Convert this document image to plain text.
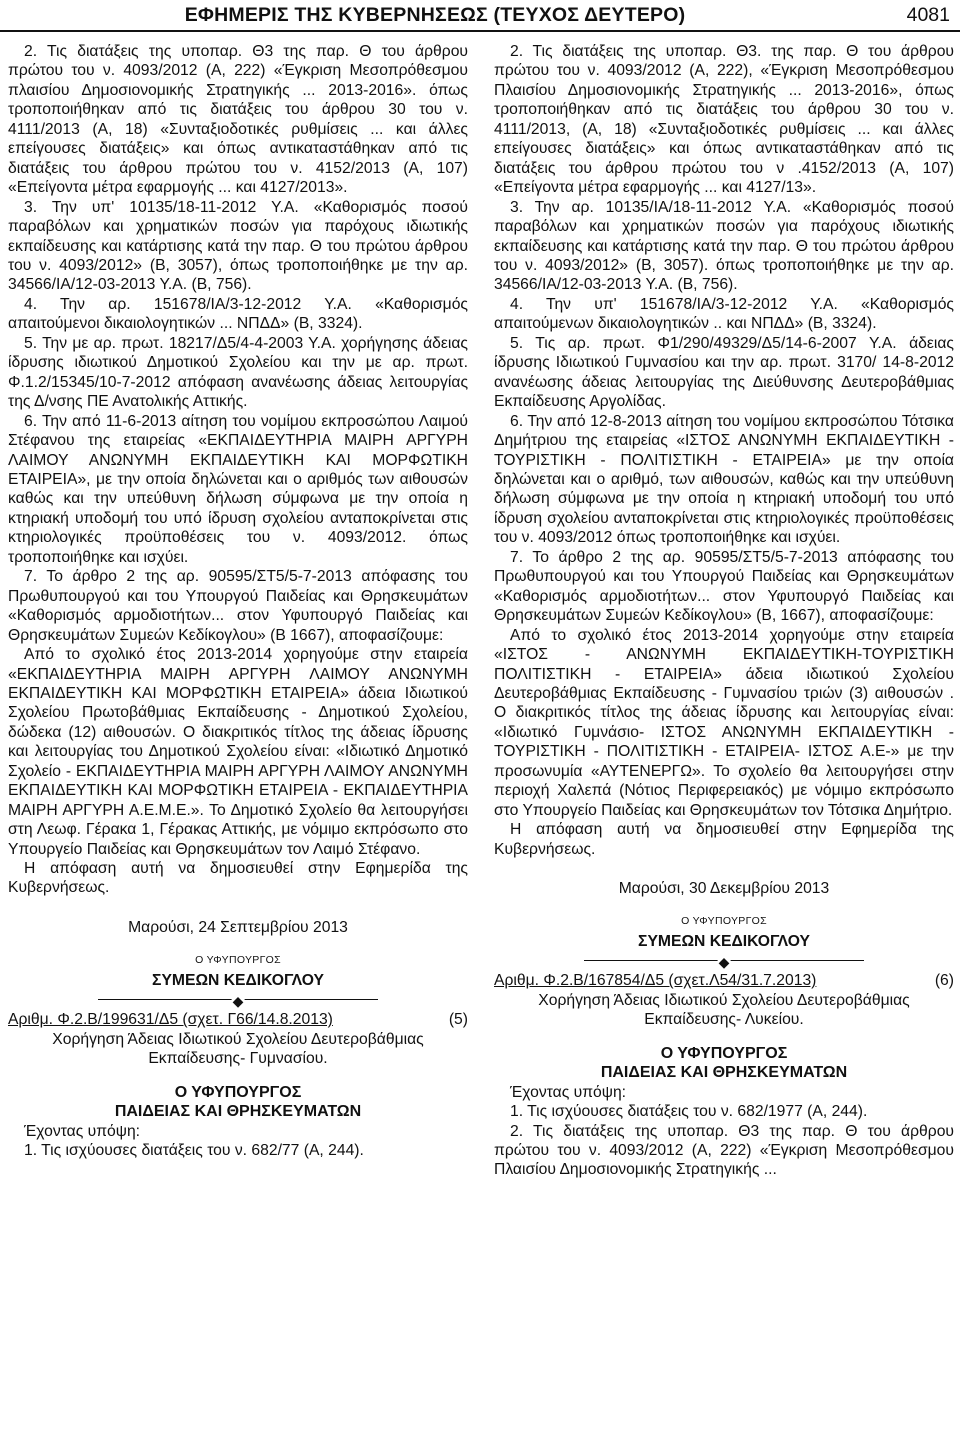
ΕΦΗΜΕΡΙΣ ΤΗΣ ΚΥΒΕΡΝΗΣΕΩΣ (ΤΕΥΧΟΣ ΔΕΥΤΕΡΟ)	4081

2. Τις διατάξεις της υποπαρ. Θ3 της παρ. Θ του άρθρου πρώτου του ν. 4093/2012 (Α, 222) «Έγκριση Μεσοπρόθεσμου πλαισίου Δημοσιονομικής Στρατηγικής ... 2013-2016». όπως τροποποιήθηκαν από τις διατάξεις του άρθρου 30 του ν. 4111/2013 (Α, 18) «Συνταξιοδοτικές ρυθμίσεις ... και άλλες επείγουσες διατάξεις» και όπως αντικαταστάθηκαν από τις διατάξεις του άρθρου πρώτου του ν. 4152/2013 (Α, 107) «Επείγοντα μέτρα εφαρμογής ... και 4127/2013».

3. Την υπ' 10135/18-11-2012 Υ.Α. «Καθορισμός ποσού παραβόλων και χρηματικών ποσών για παρόχους ιδιωτικής εκπαίδευσης και κατάρτισης κατά την παρ. Θ του πρώτου άρθρου του ν. 4093/2012» (Β, 3057), όπως τροποποιήθηκε με την αρ. 34566/ΙΑ/12-03-2013 Υ.Α. (Β, 756).

4. Την αρ. 151678/ΙΑ/3-12-2012 Υ.Α. «Καθορισμός απαιτούμενοι δικαιολογητικών ... ΝΠΔΔ» (Β, 3324).

5. Την με αρ. πρωτ. 18217/Δ5/4-4-2003 Υ.Α. χορήγησης άδειας ίδρυσης ιδιωτικού Δημοτικού Σχολείου και την με αρ. πρωτ. Φ.1.2/15345/10-7-2012 απόφαση ανανέωσης άδειας λειτουργίας της Δ/νσης ΠΕ Ανατολικής Αττικής.

6. Την από 11-6-2013 αίτηση του νομίμου εκπροσώπου Λαιμού Στέφανου της εταιρείας «ΕΚΠΑΙΔΕΥΤΗΡΙΑ ΜΑΙΡΗ ΑΡΓΥΡΗ ΛΑΙΜΟΥ ΑΝΩΝΥΜΗ ΕΚΠΑΙΔΕΥΤΙΚΗ ΚΑΙ ΜΟΡΦΩΤΙΚΗ ΕΤΑΙΡΕΙΑ», με την οποία δηλώνεται και ο αριθμός των αιθουσών καθώς και την υπεύθυνη δήλωση σύμφωνα με την οποία η κτηριακή υποδομή του υπό ίδρυση σχολείου ανταποκρίνεται στις κτηριολογικές προϋποθέσεις του ν. 4093/2012. όπως τροποποιήθηκε και ισχύει.

7. Το άρθρο 2 της αρ. 90595/ΣΤ5/5-7-2013 απόφασης του Πρωθυπουργού και του Υπουργού Παιδείας και Θρησκευμάτων «Καθορισμός αρμοδιοτήτων... στον Υφυπουργό Παιδείας και Θρησκευμάτων Συμεών Κεδίκογλου» (Β 1667), αποφασίζουμε:

Από το σχολικό έτος 2013-2014 χορηγούμε στην εταιρεία «ΕΚΠΑΙΔΕΥΤΗΡΙΑ ΜΑΙΡΗ ΑΡΓΥΡΗ ΛΑΙΜΟΥ ΑΝΩΝΥΜΗ ΕΚΠΑΙΔΕΥΤΙΚΗ ΚΑΙ ΜΟΡΦΩΤΙΚΗ ΕΤΑΙΡΕΙΑ» άδεια Ιδιωτικού Σχολείου Πρωτοβάθμιας Εκπαίδευσης - Δημοτικού Σχολείου, δώδεκα (12) αιθουσών. Ο διακριτικός τίτλος της άδειας ίδρυσης και λειτουργίας του Δημοτικού Σχολείου είναι: «Ιδιωτικό Δημοτικό Σχολείο - ΕΚΠΑΙΔΕΥΤΗΡΙΑ ΜΑΙΡΗ ΑΡΓΥΡΗ ΛΑΙΜΟΥ ΑΝΩΝΥΜΗ ΕΚΠΑΙΔΕΥΤΙΚΗ ΚΑΙ ΜΟΡΦΩΤΙΚΗ ΕΤΑΙΡΕΙΑ - ΕΚΠΑΙΔΕΥΤΗΡΙΑ ΜΑΙΡΗ ΑΡΓΥΡΗ Α.Ε.Μ.Ε.». Το Δημοτικό Σχολείο θα λειτουργήσει στη Λεωφ. Γέρακα 1, Γέρακας Αττικής, με νόμιμο εκπρόσωπο στο Υπουργείο Παιδείας και Θρησκευμάτων τον Λαιμό Στέφανο.

Η απόφαση αυτή να δημοσιευθεί στην Εφημερίδα της Κυβερνήσεως.

Μαρούσι, 24 Σεπτεμβρίου 2013

Ο ΥΦΥΠΟΥΡΓΟΣ

ΣΥΜΕΩΝ ΚΕΔΙΚΟΓΛΟΥ

◆
Αριθμ. Φ.2.Β/199631/Δ5 (σχετ. Γ66/14.8.2013)	(5)

Χορήγηση Άδειας Ιδιωτικού Σχολείου Δευτεροβάθμιας Εκπαίδευσης- Γυμνασίου.

Ο ΥΦΥΠΟΥΡΓΟΣ

ΠΑΙΔΕΙΑΣ ΚΑΙ ΘΡΗΣΚΕΥΜΑΤΩΝ

Έχοντας υπόψη:

1. Τις ισχύουσες διατάξεις του ν. 682/77 (Α, 244).

2. Τις διατάξεις της υποπαρ. Θ3. της παρ. Θ του άρθρου πρώτου του ν. 4093/2012 (Α, 222), «Έγκριση Μεσοπρόθεσμου Πλαισίου Δημοσιονομικής Στρατηγικής ... 2013-2016», όπως τροποποιήθηκαν από τις διατάξεις του άρθρου 30 του ν. 4111/2013, (Α, 18) «Συνταξιοδοτικές ρυθμίσεις ... και άλλες επείγουσες διατάξεις» και όπως αντικαταστάθηκαν από τις διατάξεις του άρθρου πρώτου του ν .4152/2013 (Α, 107) «Επείγοντα μέτρα εφαρμογής ... και 4127/13».

3. Την αρ. 10135/ΙΑ/18-11-2012 Υ.Α. «Καθορισμός ποσού παραβόλων και χρηματικών ποσών για παρόχους ιδιωτικής εκπαίδευσης και κατάρτισης κατά την παρ. Θ του πρώτου άρθρου του ν. 4093/2012» (Β, 3057). όπως τροποποιήθηκε με την αρ. 34566/ΙΑ/12-03-2013 Υ.Α. (Β, 756).

4. Την υπ' 151678/ΙΑ/3-12-2012 Υ.Α. «Καθορισμός απαιτούμενων δικαιολογητικών .. και ΝΠΔΔ» (Β, 3324).

5. Τις αρ. πρωτ. Φ1/290/49329/Δ5/14-6-2007 Υ.Α. άδειας ίδρυσης Ιδιωτικού Γυμνασίου και την αρ. πρωτ. 3170/ 14-8-2012 ανανέωσης άδειας λειτουργίας της Διεύθυνσης Δευτεροβάθμιας Εκπαίδευσης Αργολίδας.

6. Την από 12-8-2013 αίτηση του νομίμου εκπροσώπου Τότσικα Δημήτριου της εταιρείας «ΙΣΤΟΣ ΑΝΩΝΥΜΗ ΕΚΠΑΙΔΕΥΤΙΚΗ - ΤΟΥΡΙΣΤΙΚΗ - ΠΟΛΙΤΙΣΤΙΚΗ - ΕΤΑΙΡΕΙΑ» με την οποία δηλώνεται και ο αριθμό, των αιθουσών, καθώς και την υπεύθυνη δήλωση σύμφωνα με την οποία η κτηριακή υποδομή του υπό ίδρυση σχολείου ανταποκρίνεται στις κτηριολογικές προϋποθέσεις του ν. 4093/2012 όπως τροποποιήθηκε και ισχύει.

7. Το άρθρο 2 της αρ. 90595/ΣΤ5/5-7-2013 απόφασης του Πρωθυπουργού και του Υπουργού Παιδείας και Θρησκευμάτων «Καθορισμός αρμοδιοτήτων... στον Υφυπουργό Παιδείας και Θρησκευμάτων Συμεών Κεδίκογλου» (Β, 1667), αποφασίζουμε:

Από το σχολικό έτος 2013-2014 χορηγούμε στην εταιρεία «ΙΣΤΟΣ - ΑΝΩΝΥΜΗ ΕΚΠΑΙΔΕΥΤΙΚΗ-ΤΟΥΡΙΣΤΙΚΗ ΠΟΛΙΤΙΣΤΙΚΗ - ΕΤΑΙΡΕΙΑ» άδεια ιδιωτικού Σχολείου Δευτεροβάθμιας Εκπαίδευσης - Γυμνασίου τριών (3) αιθουσών . Ο διακριτικός τίτλος της άδειας ίδρυσης και λειτουργίας είναι: «Ιδιωτικό Γυμνάσιο- ΙΣΤΟΣ ΑΝΩΝΥΜΗ ΕΚΠΑΙΔΕΥΤΙΚΗ - ΤΟΥΡΙΣΤΙΚΗ - ΠΟΛΙΤΙΣΤΙΚΗ - ΕΤΑΙΡΕΙΑ- ΙΣΤΟΣ Α.Ε-» με την προσωνυμία «ΑΥΤΕΝΕΡΓΩ». Το σχολείο θα λειτουργήσει στην περιοχή Χαλεπά (Νότιος Περιφερειακός) με νόμιμο εκπρόσωπο στο Υπουργείο Παιδείας και Θρησκευμάτων τον Τότσικα Δημήτριο.

Η απόφαση αυτή να δημοσιευθεί στην Εφημερίδα της Κυβερνήσεως.

Μαρούσι, 30 Δεκεμβρίου 2013

Ο ΥΦΥΠΟΥΡΓΟΣ

ΣΥΜΕΩΝ ΚΕΔΙΚΟΓΛΟΥ

◆
Αριθμ. Φ.2.Β/167854/Δ5 (σχετ.Λ54/31.7.2013)	(6)

Χορήγηση Άδειας Ιδιωτικού Σχολείου Δευτεροβάθμιας Εκπαίδευσης- Λυκείου.

Ο ΥΦΥΠΟΥΡΓΟΣ

ΠΑΙΔΕΙΑΣ ΚΑΙ ΘΡΗΣΚΕΥΜΑΤΩΝ

Έχοντας υπόψη:

1. Τις ισχύουσες διατάξεις του ν. 682/1977 (Α, 244).

2. Τις διατάξεις της υποπαρ. Θ3 της παρ. Θ του άρθρου πρώτου του ν. 4093/2012 (Α, 222) «Έγκριση Μεσοπρόθεσμου Πλαισίου Δημοσιονομικής Στρατηγικής ...
